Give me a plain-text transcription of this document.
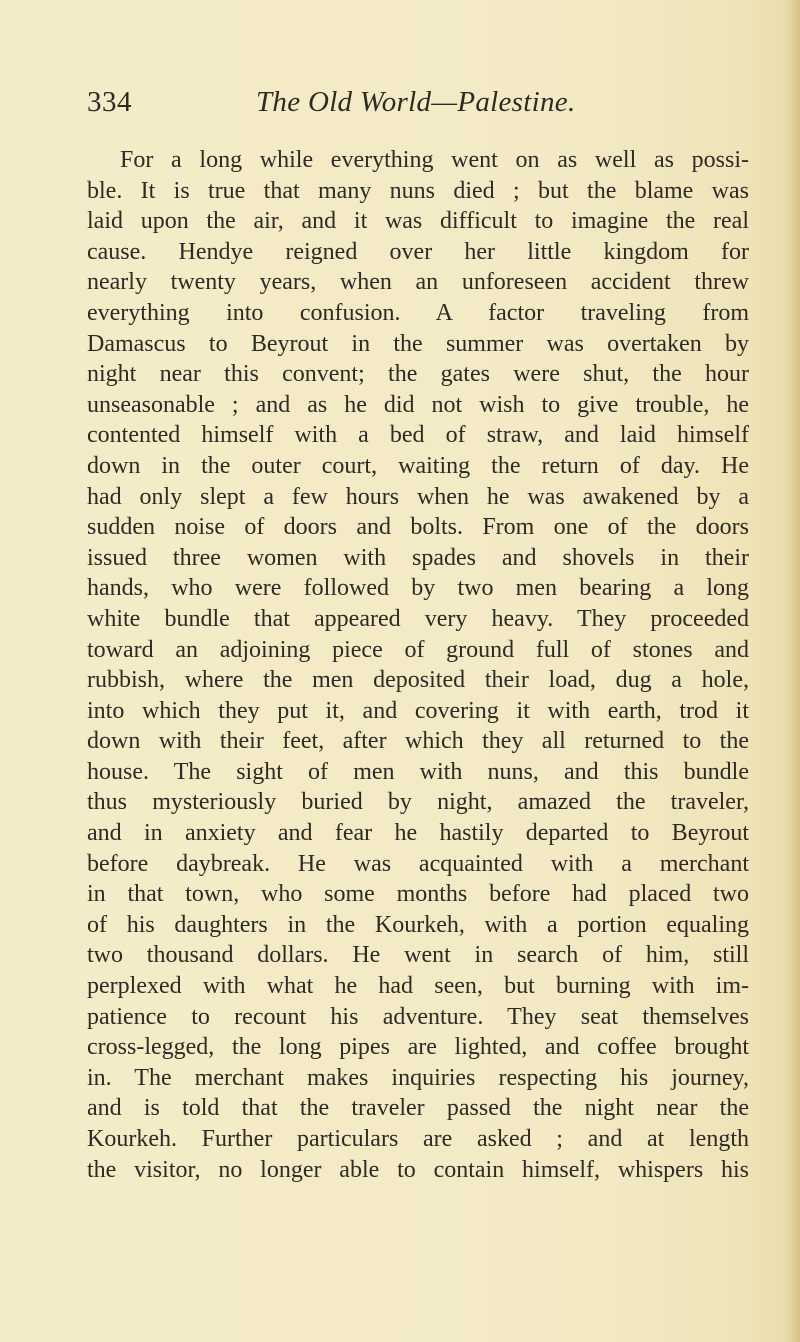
334	The Old World—Palestine.
For a long while everything went on as well as possi-
ble. It is true that many nuns died ; but the blame was
laid upon the air, and it was difficult to imagine the real
cause. Hendye reigned over her little kingdom for
nearly twenty years, when an unforeseen accident threw
everything into confusion. A factor traveling from
Damascus to Beyrout in the summer was overtaken by
night near this convent; the gates were shut, the hour
unseasonable ; and as he did not wish to give trouble, he
contented himself with a bed of straw, and laid himself
down in the outer court, waiting the return of day. He
had only slept a few hours when he was awakened by a
sudden noise of doors and bolts. From one of the doors
issued three women with spades and shovels in their
hands, who were followed by two men bearing a long
white bundle that appeared very heavy. They proceeded
toward an adjoining piece of ground full of stones and
rubbish, where the men deposited their load, dug a hole,
into which they put it, and covering it with earth, trod it
down with their feet, after which they all returned to the
house. The sight of men with nuns, and this bundle
thus mysteriously buried by night, amazed the traveler,
and in anxiety and fear he hastily departed to Beyrout
before daybreak. He was acquainted with a merchant
in that town, who some months before had placed two
of his daughters in the Kourkeh, with a portion equaling
two thousand dollars. He went in search of him, still
perplexed with what he had seen, but burning with im-
patience to recount his adventure. They seat themselves
cross-legged, the long pipes are lighted, and coffee brought
in. The merchant makes inquiries respecting his journey,
and is told that the traveler passed the night near the
Kourkeh. Further particulars are asked ; and at length
the visitor, no longer able to contain himself, whispers his
